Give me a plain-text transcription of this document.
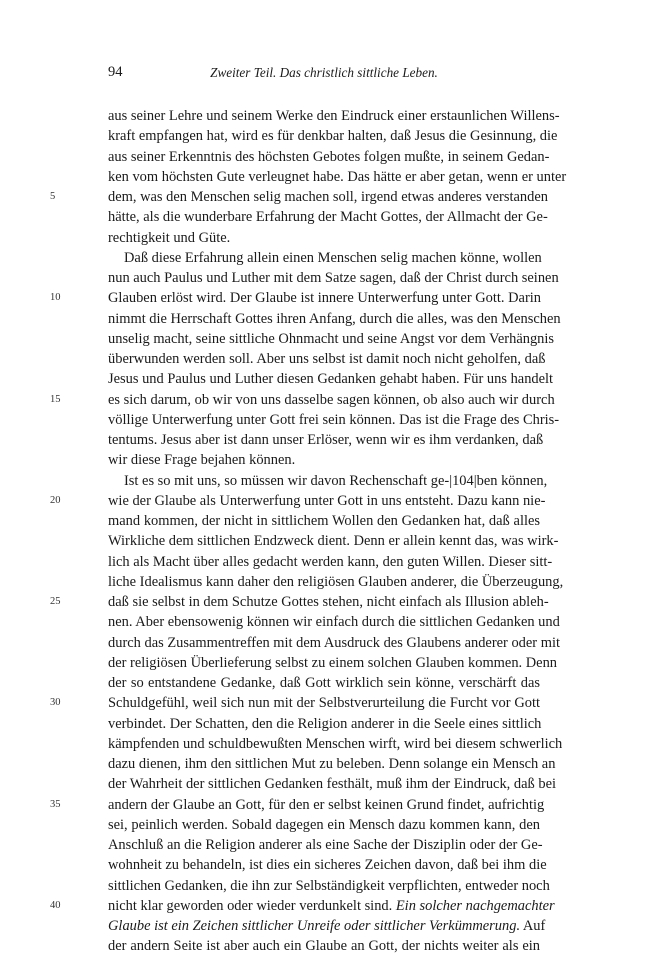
94	Zweiter Teil. Das christlich sittliche Leben.
aus seiner Lehre und seinem Werke den Eindruck einer erstaunlichen Willens-
kraft empfangen hat, wird es für denkbar halten, daß Jesus die Gesinnung, die
aus seiner Erkenntnis des höchsten Gebotes folgen mußte, in seinem Gedan-
ken vom höchsten Gute verleugnet habe. Das hätte er aber getan, wenn er unter
5	dem, was den Menschen selig machen soll, irgend etwas anderes verstanden
hätte, als die wunderbare Erfahrung der Macht Gottes, der Allmacht der Ge-
rechtigkeit und Güte.
Daß diese Erfahrung allein einen Menschen selig machen könne, wollen
nun auch Paulus und Luther mit dem Satze sagen, daß der Christ durch seinen
10	Glauben erlöst wird. Der Glaube ist innere Unterwerfung unter Gott. Darin
nimmt die Herrschaft Gottes ihren Anfang, durch die alles, was den Menschen
unselig macht, seine sittliche Ohnmacht und seine Angst vor dem Verhängnis
überwunden werden soll. Aber uns selbst ist damit noch nicht geholfen, daß
Jesus und Paulus und Luther diesen Gedanken gehabt haben. Für uns handelt
15	es sich darum, ob wir von uns dasselbe sagen können, ob also auch wir durch
völlige Unterwerfung unter Gott frei sein können. Das ist die Frage des Chris-
tentums. Jesus aber ist dann unser Erlöser, wenn wir es ihm verdanken, daß
wir diese Frage bejahen können.
Ist es so mit uns, so müssen wir davon Rechenschaft ge-|104|ben können,
20	wie der Glaube als Unterwerfung unter Gott in uns entsteht. Dazu kann nie-
mand kommen, der nicht in sittlichem Wollen den Gedanken hat, daß alles
Wirkliche dem sittlichen Endzweck dient. Denn er allein kennt das, was wirk-
lich als Macht über alles gedacht werden kann, den guten Willen. Dieser sitt-
liche Idealismus kann daher den religiösen Glauben anderer, die Überzeugung,
25	daß sie selbst in dem Schutze Gottes stehen, nicht einfach als Illusion ableh-
nen. Aber ebensowenig können wir einfach durch die sittlichen Gedanken und
durch das Zusammentreffen mit dem Ausdruck des Glaubens anderer oder mit
der religiösen Überlieferung selbst zu einem solchen Glauben kommen. Denn
der so entstandene Gedanke, daß Gott wirklich sein könne, verschärft das
30	Schuldgefühl, weil sich nun mit der Selbstverurteilung die Furcht vor Gott
verbindet. Der Schatten, den die Religion anderer in die Seele eines sittlich
kämpfenden und schuldbewußten Menschen wirft, wird bei diesem schwerlich
dazu dienen, ihm den sittlichen Mut zu beleben. Denn solange ein Mensch an
der Wahrheit der sittlichen Gedanken festhält, muß ihm der Eindruck, daß bei
35	andern der Glaube an Gott, für den er selbst keinen Grund findet, aufrichtig
sei, peinlich werden. Sobald dagegen ein Mensch dazu kommen kann, den
Anschluß an die Religion anderer als eine Sache der Disziplin oder der Ge-
wohnheit zu behandeln, ist dies ein sicheres Zeichen davon, daß bei ihm die
sittlichen Gedanken, die ihn zur Selbständigkeit verpflichten, entweder noch
40	nicht klar geworden oder wieder verdunkelt sind. Ein solcher nachgemachter
Glaube ist ein Zeichen sittlicher Unreife oder sittlicher Verkümmerung. Auf
der andern Seite ist aber auch ein Glaube an Gott, der nichts weiter als ein
